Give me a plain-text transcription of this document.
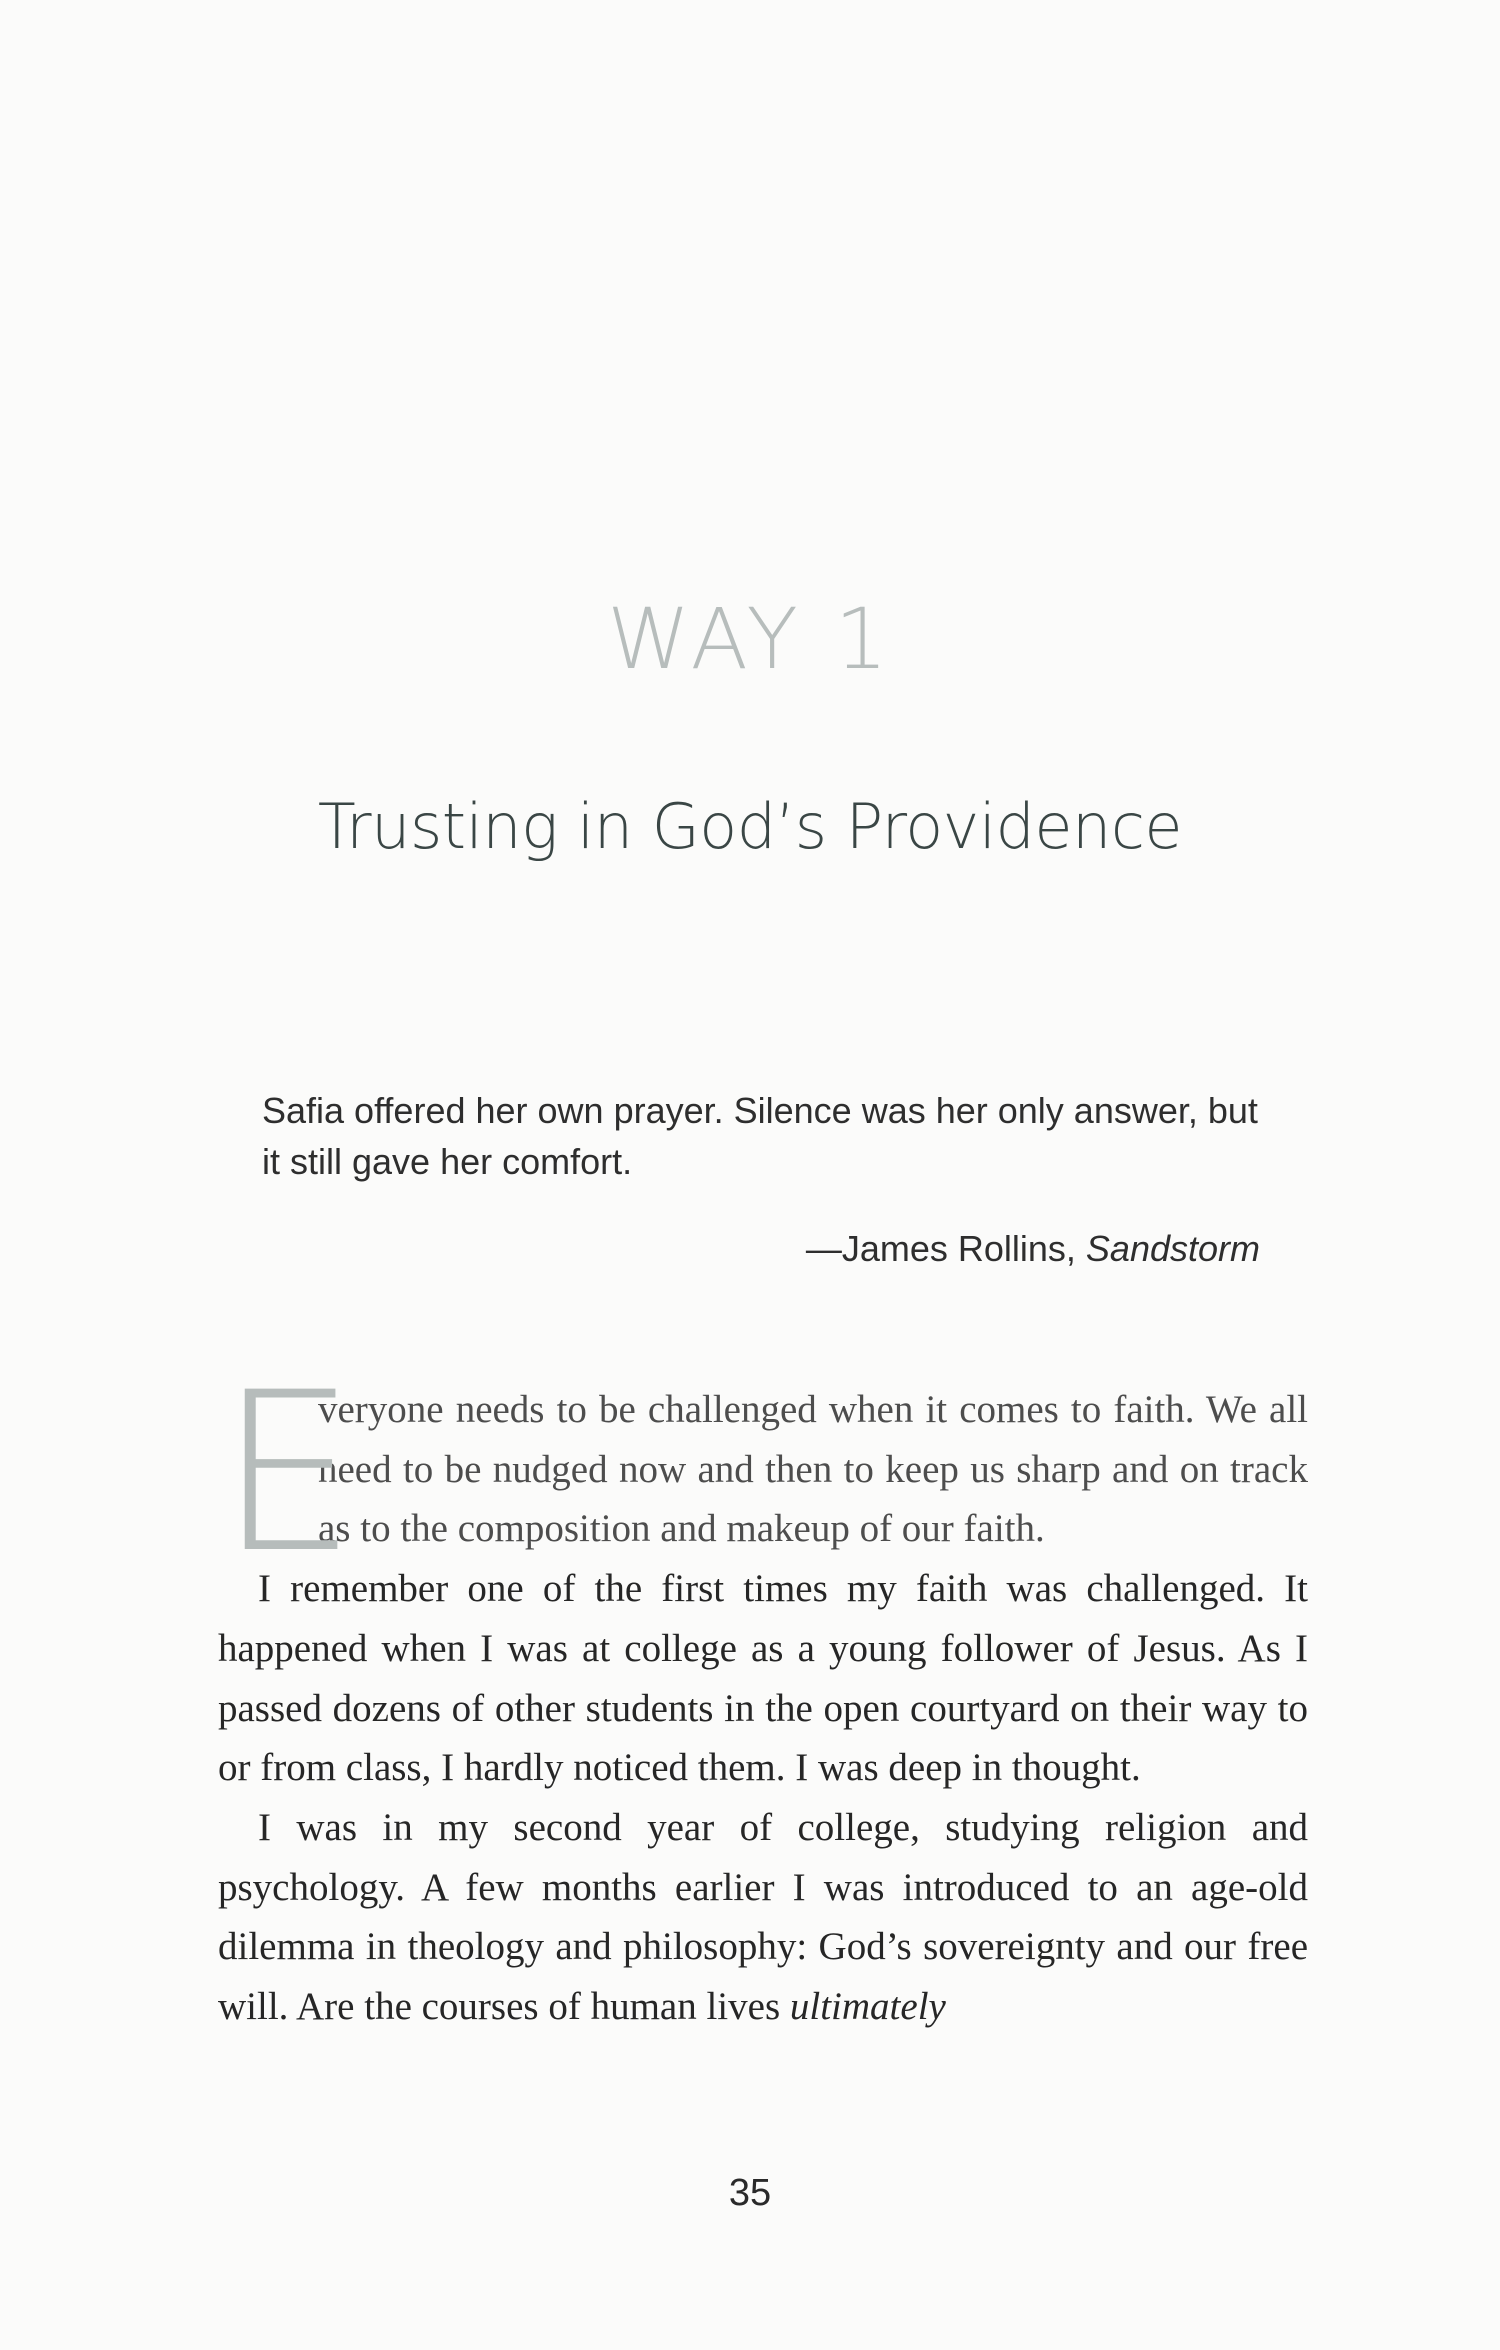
WAY 1
Trusting in God’s Providence
Safia offered her own prayer. Silence was her only answer, but it still gave her comfort.
—James Rollins, Sandstorm

E
veryone needs to be challenged when it comes to faith. We all need to be nudged now and then to keep us sharp and on track as to the composition and makeup of our faith.

I remember one of the first times my faith was challenged. It happened when I was at college as a young follower of Jesus. As I passed dozens of other students in the open courtyard on their way to or from class, I hardly noticed them. I was deep in thought.

I was in my second year of college, studying religion and psychology. A few months earlier I was introduced to an age-old dilemma in theology and philosophy: God’s sovereignty and our free will. Are the courses of human lives ultimately

35
